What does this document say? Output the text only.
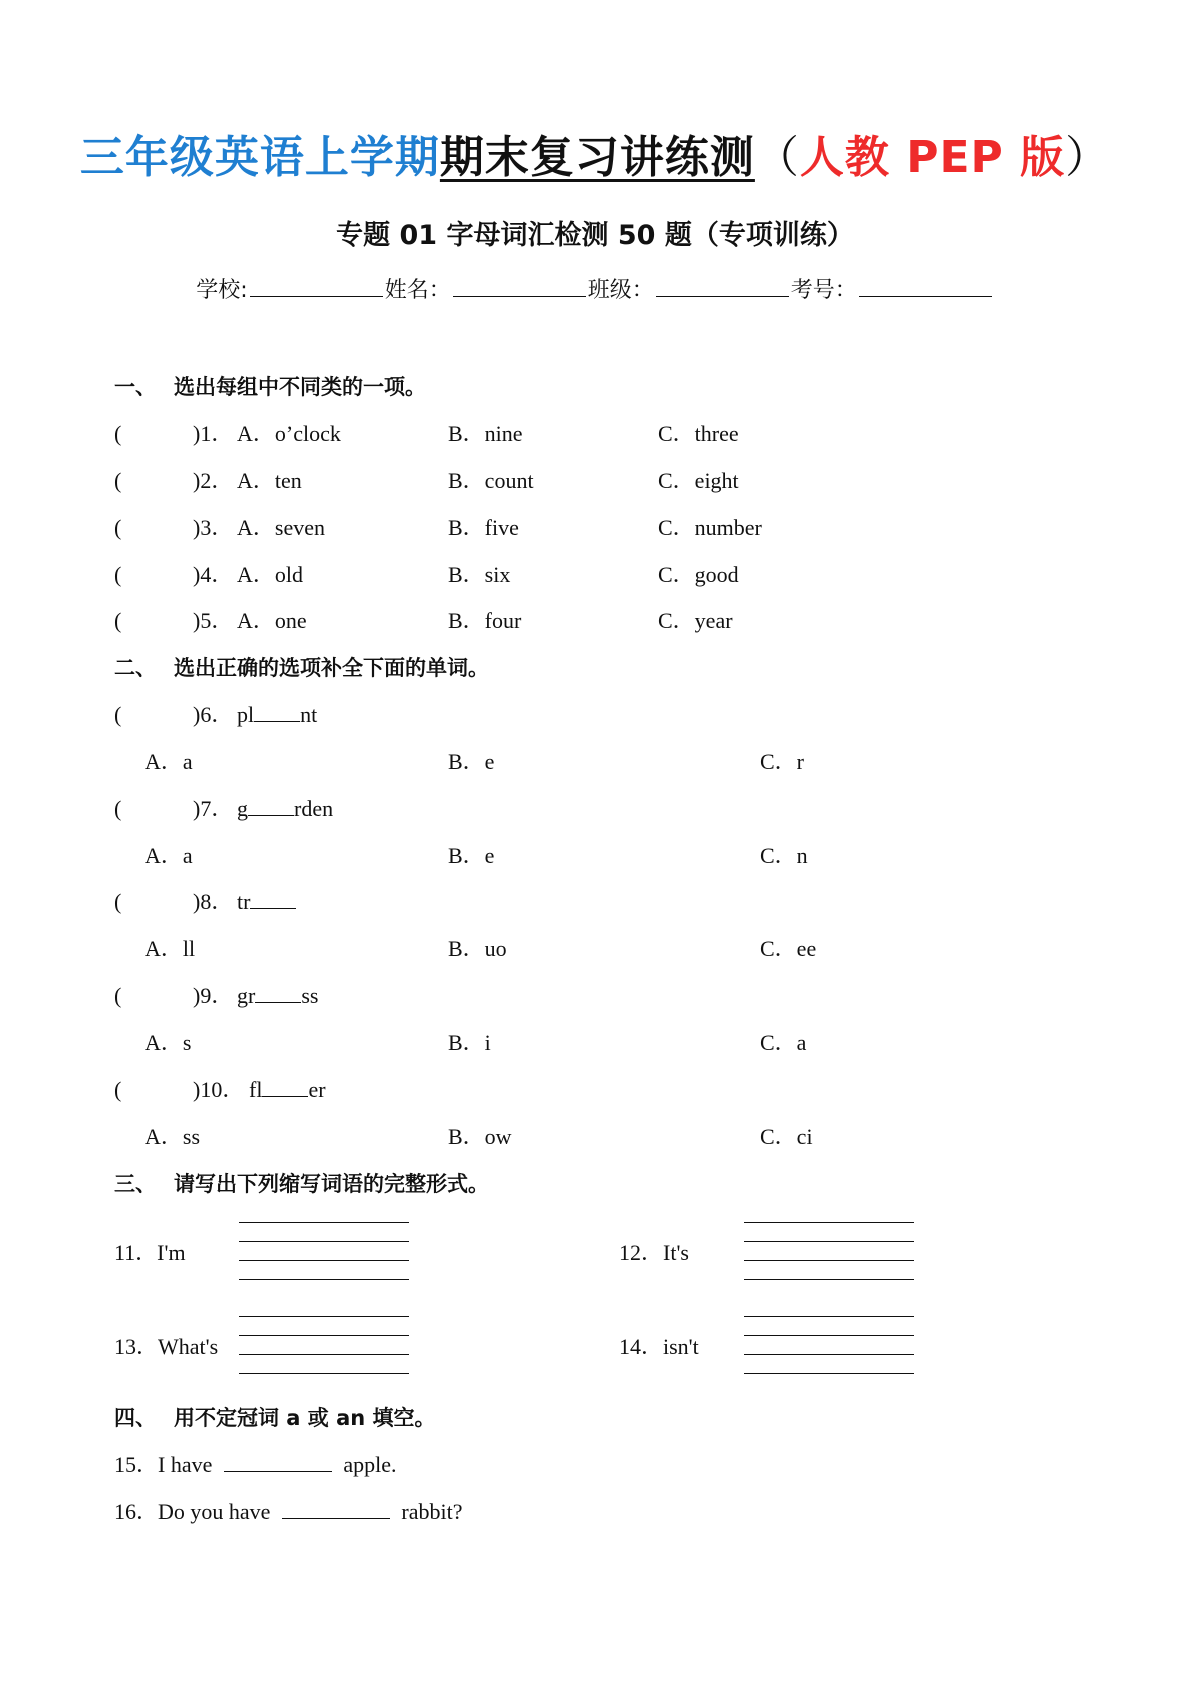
三年级英语上学期期末复习讲练测（人教 PEP 版）
专题 01 字母词汇检测 50 题（专项训练）
学校:	姓名：	班级：	考号：
一、 选出每组中不同类的一项。
(	)1． A．o’clock	B．nine	C．three
(	)2． A．ten	B．count	C．eight
(	)3． A．seven	B．five	C．number
(	)4． A．old	B．six	C．good
(	)5． A．one	B．four	C．year
二、 选出正确的选项补全下面的单词。
(	)6． pl nt
A．a	B．e	C．r
(	)7． g rden
A．a	B．e	C．n
(	)8． tr
A．ll	B．uo	C．ee
(	)9． gr ss
A．s	B．i	C．a
(	)10． fl er
A．ss	B．ow	C．ci
三、 请写出下列缩写词语的完整形式。
11．I'm	12．It's
13．What's	14．isn't
四、 用不定冠词 a 或 an 填空。
15．I have	apple.
16．Do you have	rabbit?
